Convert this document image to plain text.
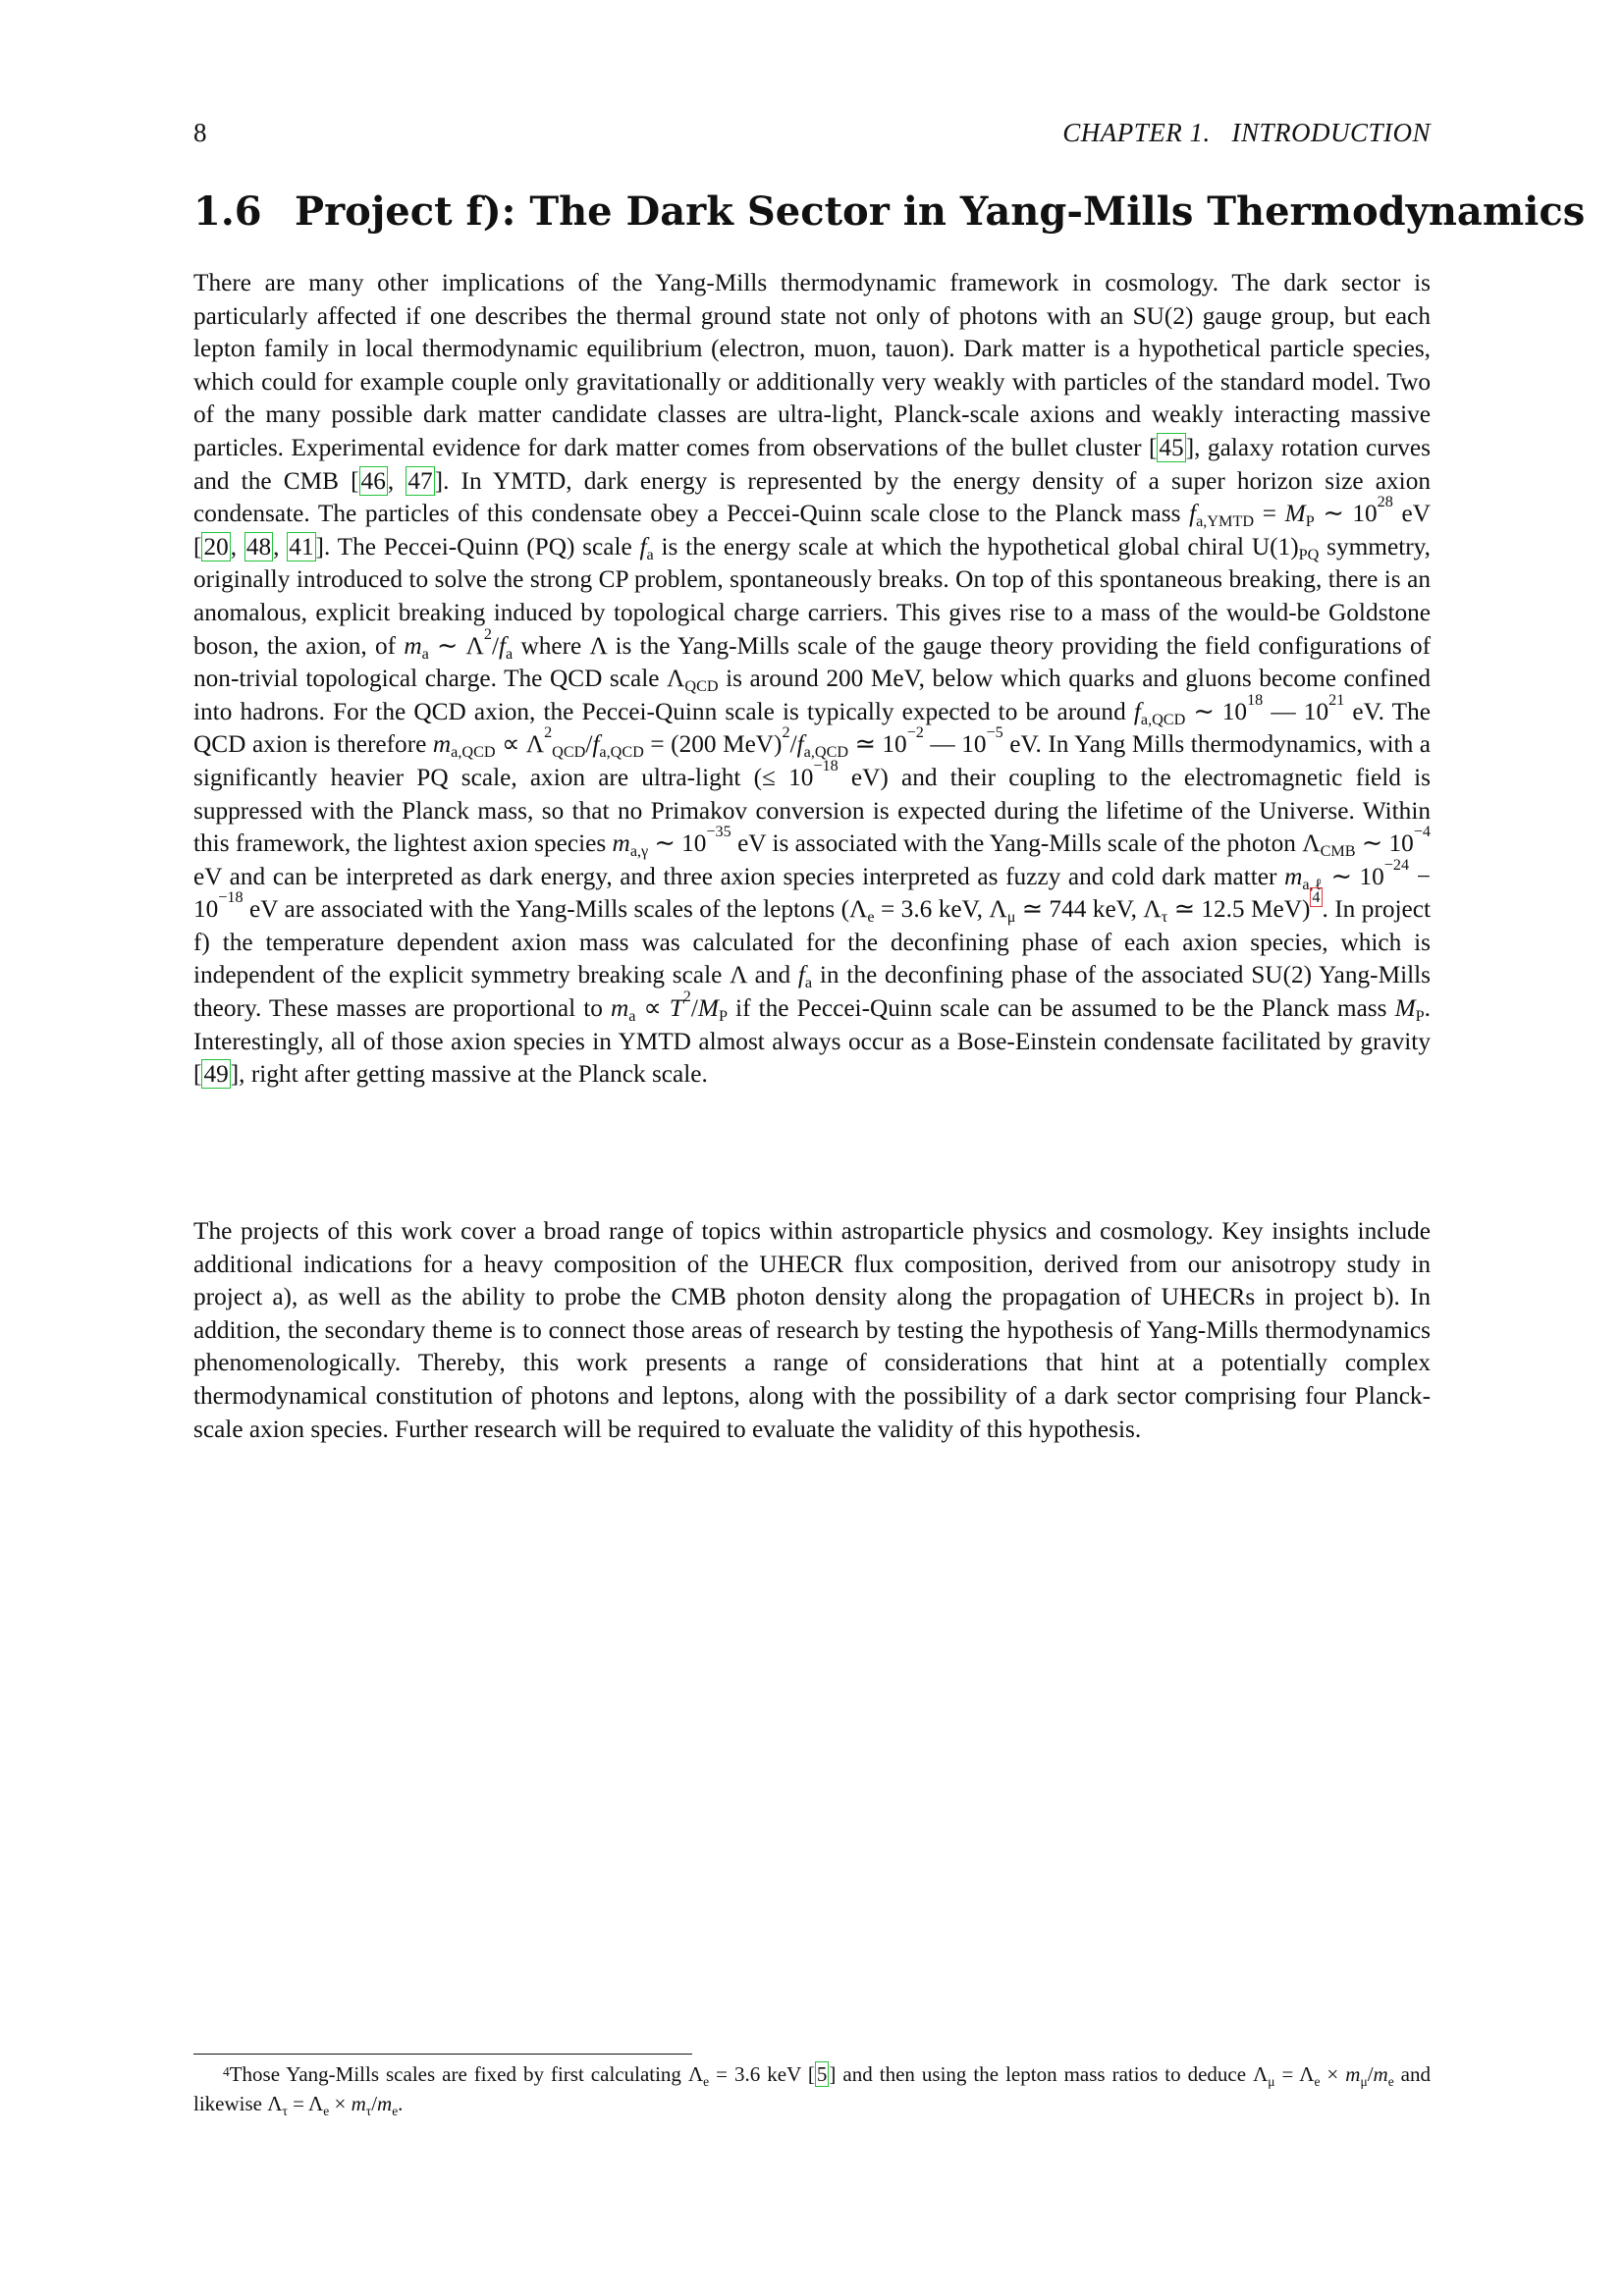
8	CHAPTER 1.   INTRODUCTION
1.6 Project f): The Dark Sector in Yang-Mills Thermodynamics

There are many other implications of the Yang-Mills thermodynamic framework in cosmology. The dark sector is particularly affected if one describes the thermal ground state not only of photons with an SU(2) gauge group, but each lepton family in local thermodynamic equilibrium (electron, muon, tauon). Dark matter is a hypothetical particle species, which could for example couple only gravitationally or additionally very weakly with particles of the standard model. Two of the many possible dark matter candidate classes are ultra-light, Planck-scale axions and weakly interacting massive particles. Experimental evidence for dark matter comes from observations of the bullet cluster [45], galaxy rotation curves and the CMB [46, 47]. In YMTD, dark energy is represented by the energy density of a super horizon size axion condensate. The particles of this condensate obey a Peccei-Quinn scale close to the Planck mass $f_{a,YMTD} = M_P$ ∼ $10^{28}$ eV [20, 48, 41]. The Peccei-Quinn (PQ) scale $f_a$ is the energy scale at which the hypothetical global chiral $U(1)_{PQ}$ symmetry, originally introduced to solve the strong CP problem, spontaneously breaks. On top of this spontaneous breaking, there is an anomalous, explicit breaking induced by topological charge carriers. This gives rise to a mass of the would-be Goldstone boson, the axion, of $m_a$ ∼ $\Lambda^2/f_a$ where Λ is the Yang-Mills scale of the gauge theory providing the field configurations of non-trivial topological charge. The QCD scale $\Lambda_{QCD}$ is around 200 MeV, below which quarks and gluons become confined into hadrons. For the QCD axion, the Peccei-Quinn scale is typically expected to be around $f_{a,QCD}$ ∼ $10^{18}$ — $10^{21}$ eV. The QCD axion is therefore $m_{a,QCD} \propto \Lambda^2_{QCD}/f_{a,QCD} = (200$ $MeV)^2/f_{a,QCD}$ ≃ $10^{-2}$ — $10^{-5}$ eV. In Yang Mills thermodynamics, with a significantly heavier PQ scale, axion are ultra-light (≤ $10^{-18}$ eV) and their coupling to the electromagnetic field is suppressed with the Planck mass, so that no Primakov conversion is expected during the lifetime of the Universe. Within this framework, the lightest axion species $m_{a,\gamma}$ ∼ $10^{-35}$ eV is associated with the Yang-Mills scale of the photon $\Lambda_{CMB}$ ∼ $10^{-4}$ eV and can be interpreted as dark energy, and three axion species interpreted as fuzzy and cold dark matter $m_{a,\ell}$ ∼ $10^{-24} - 10^{-18}$ eV are associated with the Yang-Mills scales of the leptons ($\Lambda_e = 3.6$ keV, $\Lambda_\mu$ ≃ 744 keV, $\Lambda_\tau$ ≃ 12.5 MeV) $^4$. In project f) the temperature dependent axion mass was calculated for the deconfining phase of each axion species, which is independent of the explicit symmetry breaking scale Λ and $f_a$ in the deconfining phase of the associated SU(2) Yang-Mills theory. These masses are proportional to $m_a \propto T^2/M_P$ if the Peccei-Quinn scale can be assumed to be the Planck mass $M_P$. Interestingly, all of those axion species in YMTD almost always occur as a Bose-Einstein condensate facilitated by gravity [49], right after getting massive at the Planck scale.

The projects of this work cover a broad range of topics within astroparticle physics and cosmology. Key insights include additional indications for a heavy composition of the UHECR flux composition, derived from our anisotropy study in project a), as well as the ability to probe the CMB photon density along the propagation of UHECRs in project b). In addition, the secondary theme is to connect those areas of research by testing the hypothesis of Yang-Mills thermodynamics phenomenologically. Thereby, this work presents a range of considerations that hint at a potentially complex thermodynamical constitution of photons and leptons, along with the possibility of a dark sector comprising four Planck-scale axion species. Further research will be required to evaluate the validity of this hypothesis.

$^4$Those Yang-Mills scales are fixed by first calculating $\Lambda_e = 3.6$ keV [5] and then using the lepton mass ratios to deduce $\Lambda_\mu = \Lambda_e \times m_\mu/m_e$ and likewise $\Lambda_\tau = \Lambda_e \times m_\tau/m_e$.
